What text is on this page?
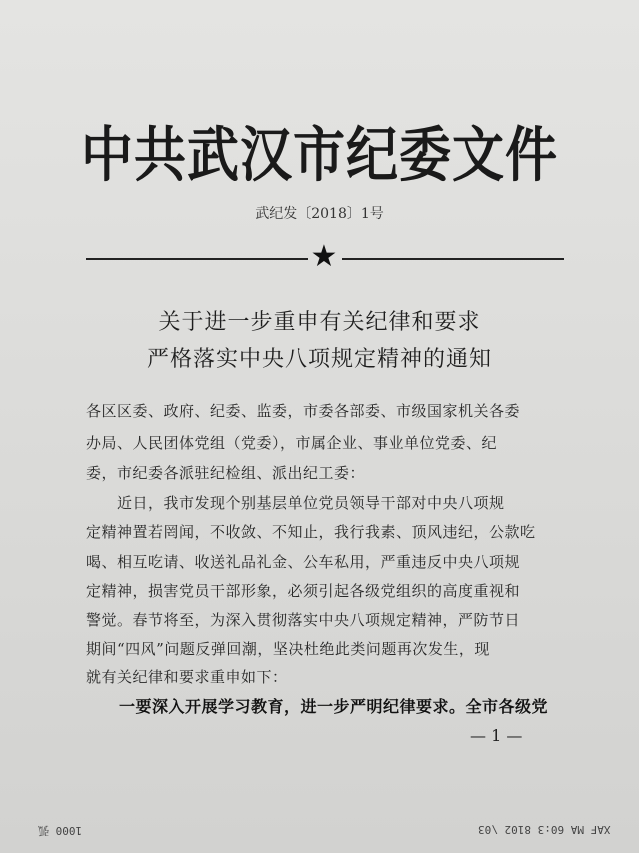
中共武汉市纪委文件
武纪发〔2018〕1号
★
关于进一步重申有关纪律和要求
严格落实中央八项规定精神的通知
各区区委、政府、纪委、监委，市委各部委、市级国家机关各委
办局、人民团体党组（党委），市属企业、事业单位党委、纪
委，市纪委各派驻纪检组、派出纪工委：
　　近日，我市发现个别基层单位党员领导干部对中央八项规
定精神置若罔闻，不收敛、不知止，我行我素、顶风违纪，公款吃
喝、相互吃请、收送礼品礼金、公车私用，严重违反中央八项规
定精神，损害党员干部形象，必须引起各级党组织的高度重视和
警觉。春节将至，为深入贯彻落实中央八项规定精神，严防节日
期间“四风”问题反弹回潮，坚决杜绝此类问题再次发生，现
就有关纪律和要求重申如下：
　　一要深入开展学习教育，进一步严明纪律要求。全市各级党
— 1 —
1000 弧	XAF MA 60:3 8102 \03
